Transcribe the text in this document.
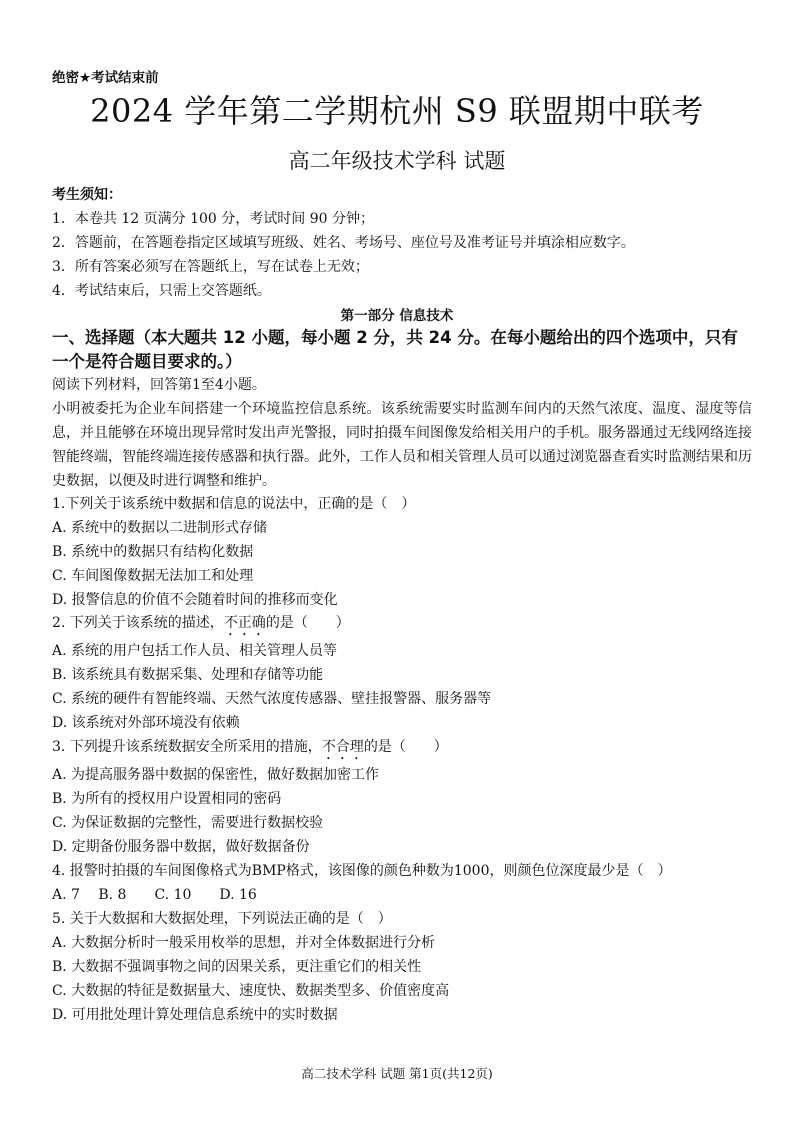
绝密★考试结束前
2024 学年第二学期杭州 S9 联盟期中联考
高二年级技术学科 试题
考生须知：
1．本卷共 12 页满分 100 分，考试时间 90 分钟；
2．答题前，在答题卷指定区域填写班级、姓名、考场号、座位号及准考证号并填涂相应数字。
3．所有答案必须写在答题纸上，写在试卷上无效；
4．考试结束后，只需上交答题纸。
第一部分 信息技术
一、选择题（本大题共 12 小题，每小题 2 分，共 24 分。在每小题给出的四个选项中，只有一个是符合题目要求的。）
阅读下列材料，回答第1至4小题。
小明被委托为企业车间搭建一个环境监控信息系统。该系统需要实时监测车间内的天然气浓度、温度、湿度等信息，并且能够在环境出现异常时发出声光警报，同时拍摄车间图像发给相关用户的手机。服务器通过无线网络连接智能终端，智能终端连接传感器和执行器。此外，工作人员和相关管理人员可以通过浏览器查看实时监测结果和历史数据，以便及时进行调整和维护。
1.下列关于该系统中数据和信息的说法中，正确的是（　）
A. 系统中的数据以二进制形式存储
B. 系统中的数据只有结构化数据
C. 车间图像数据无法加工和处理
D. 报警信息的价值不会随着时间的推移而变化
2. 下列关于该系统的描述，不正确的是（　　）
A. 系统的用户包括工作人员、相关管理人员等
B. 该系统具有数据采集、处理和存储等功能
C. 系统的硬件有智能终端、天然气浓度传感器、壁挂报警器、服务器等
D. 该系统对外部环境没有依赖
3. 下列提升该系统数据安全所采用的措施，不合理的是（　　）
A. 为提高服务器中数据的保密性，做好数据加密工作
B. 为所有的授权用户设置相同的密码
C. 为保证数据的完整性，需要进行数据校验
D. 定期备份服务器中数据，做好数据备份
4. 报警时拍摄的车间图像格式为BMP格式，该图像的颜色种数为1000，则颜色位深度最少是（　）
A. 7　 B. 8　　C. 10　　D. 16
5. 关于大数据和大数据处理，下列说法正确的是（　）
A. 大数据分析时一般采用枚举的思想，并对全体数据进行分析
B. 大数据不强调事物之间的因果关系，更注重它们的相关性
C. 大数据的特征是数据量大、速度快、数据类型多、价值密度高
D. 可用批处理计算处理信息系统中的实时数据
高二技术学科 试题 第1页(共12页)
